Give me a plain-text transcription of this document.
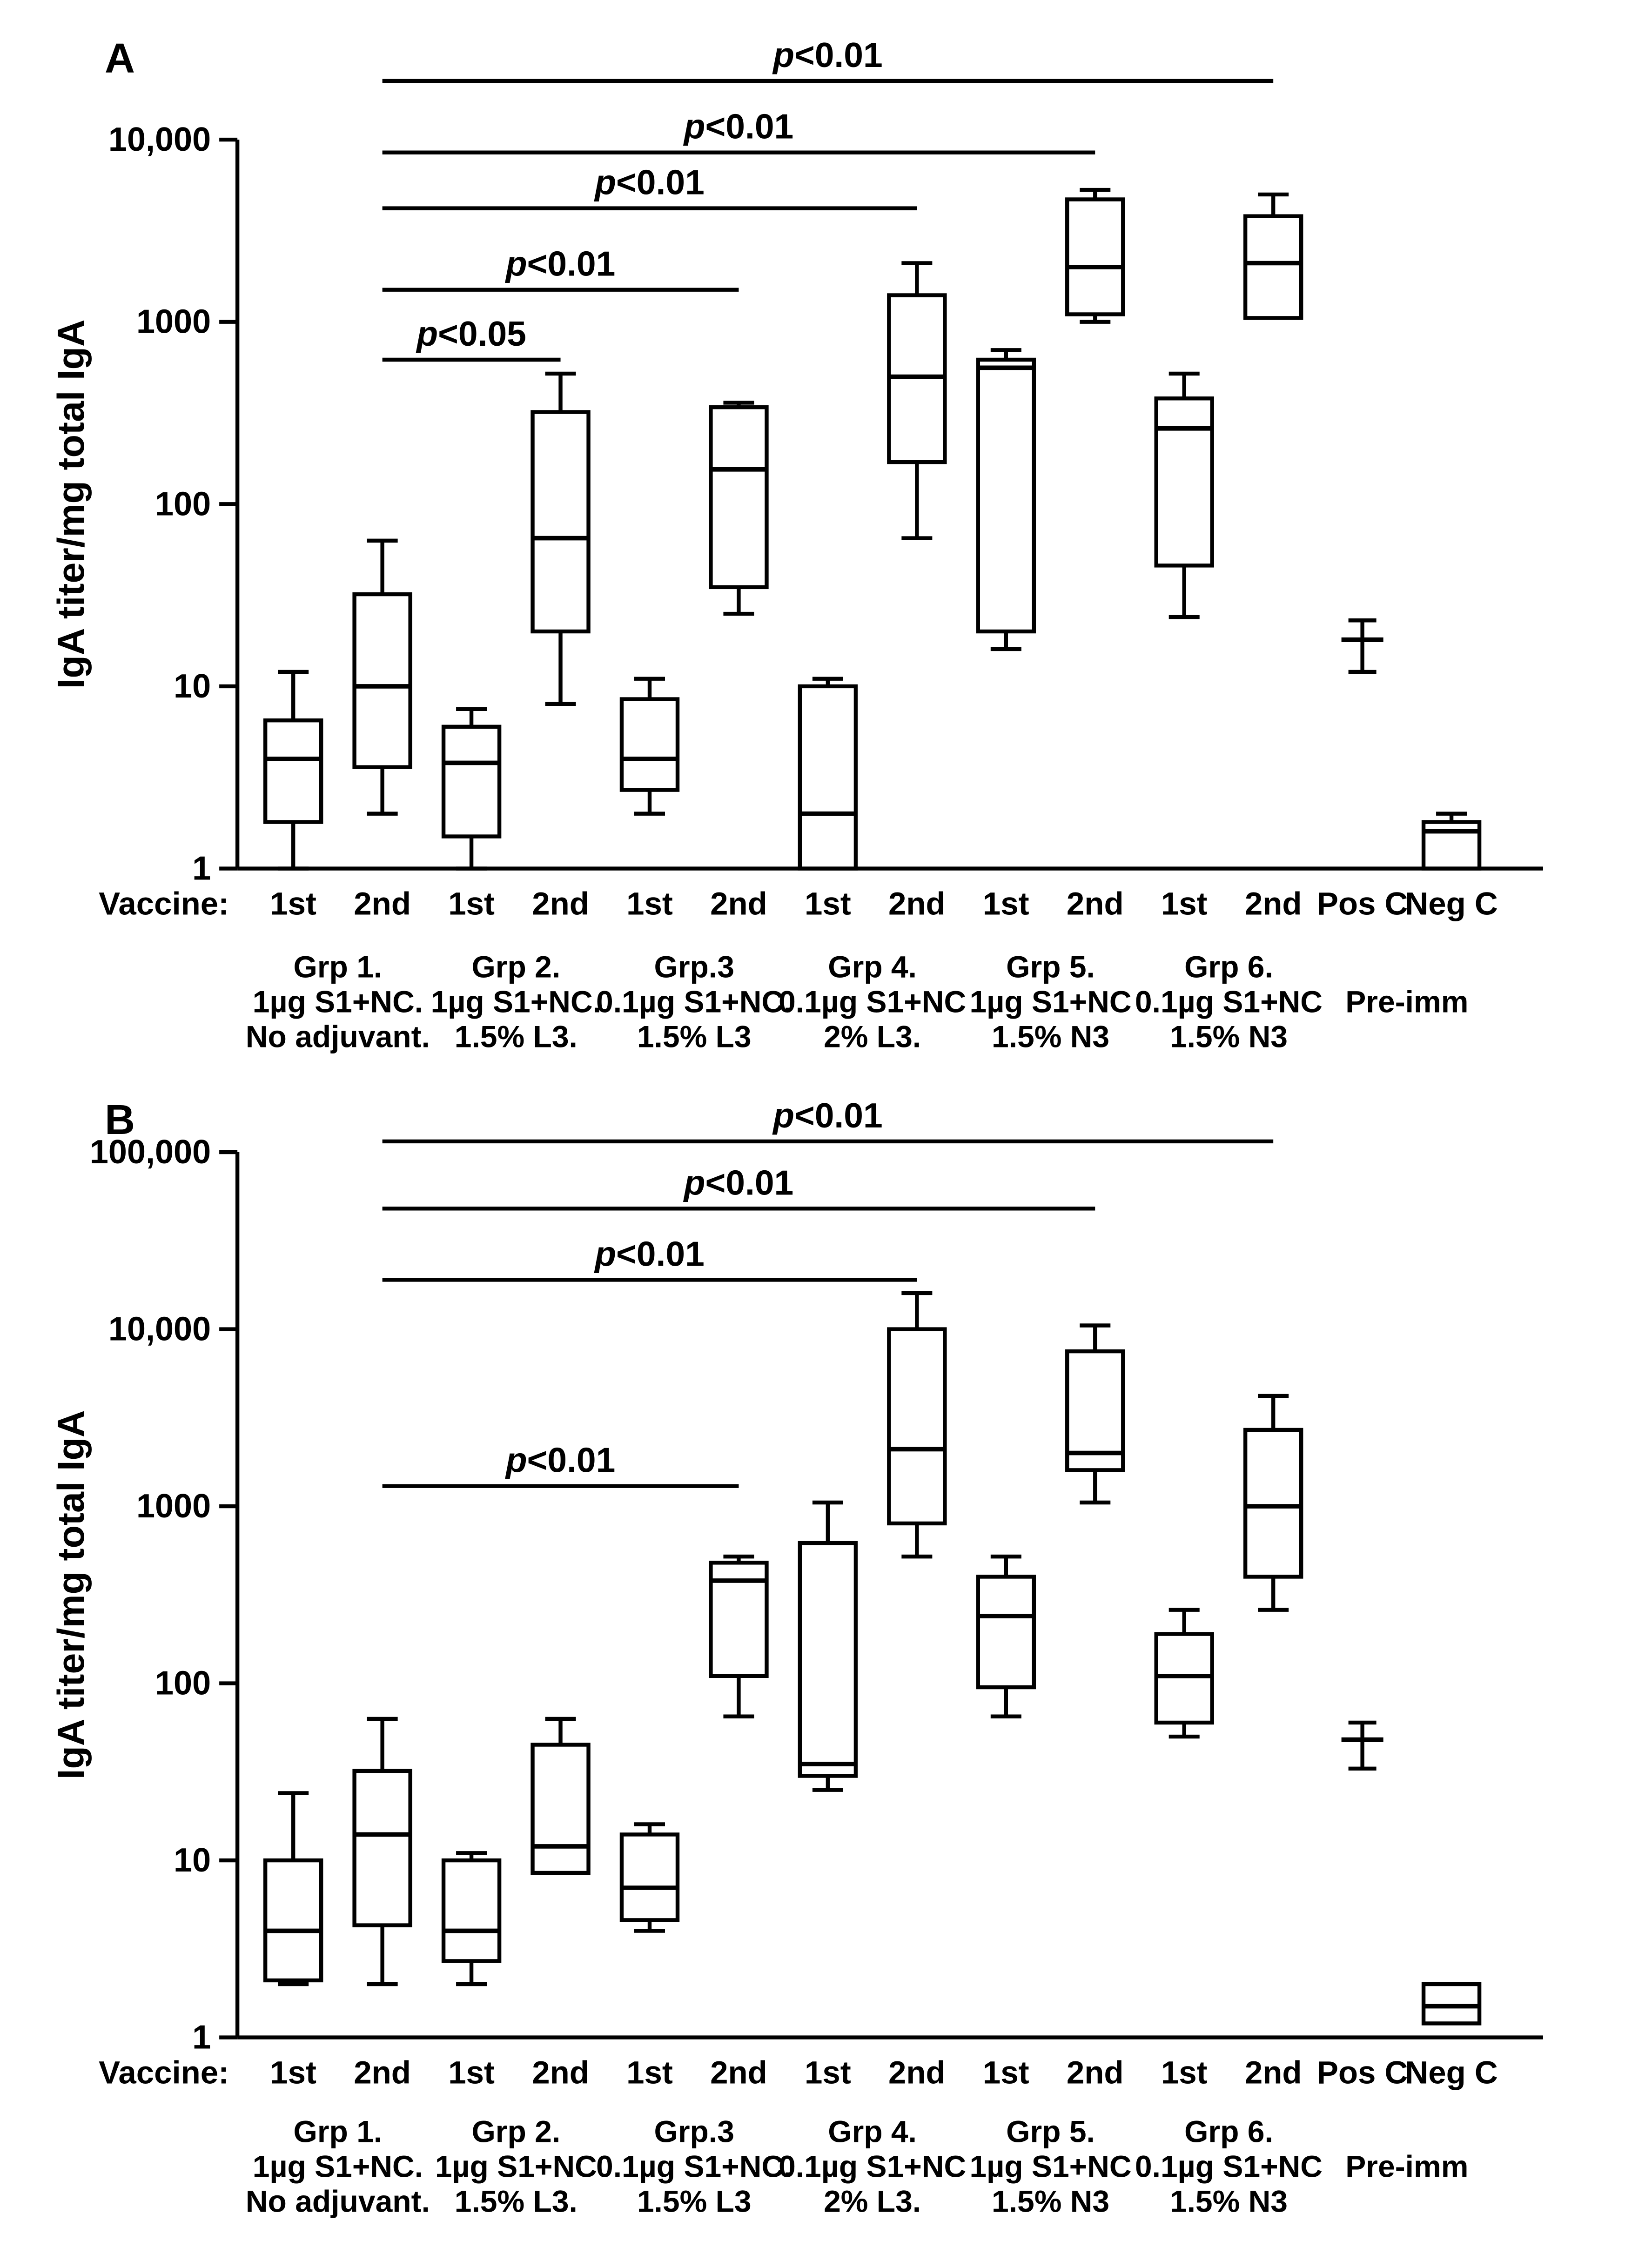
A
1
10
100
1000
10,000
IgA titer/mg total IgA	p<0.05
p<0.01
p<0.01
p<0.01
p<0.01
1st	2nd	1st	2nd	1st	2nd	1st	2nd	1st	2nd	1st	2nd Pos C
Neg C
Vaccine:
Grp 1.
1µg S1+NC.
No adjuvant.
Grp 2.
1µg S1+NC.
1.5% L3.
Grp.3
0.1µg S1+NC.
1.5% L3
Grp 4.
0.1µg S1+NC
2% L3.
Grp 5.
1µg S1+NC
1.5% N3
Grp 6.
0.1µg S1+NC
1.5% N3
Pre-imm
B
1
10
100
1000
10,000
100,000
IgA titer/mg total IgA	p<0.01
p<0.01
p<0.01
p<0.01
1st	2nd	1st	2nd	1st	2nd	1st	2nd	1st	2nd	1st	2nd Pos C
Neg C
Vaccine:
Grp 1.
1µg S1+NC.
No adjuvant.
Grp 2.
1µg S1+NC
1.5% L3.
Grp.3
0.1µg S1+NC.
1.5% L3
Grp 4.
0.1µg S1+NC
2% L3.
Grp 5.
1µg S1+NC
1.5% N3
Grp 6.
0.1µg S1+NC
1.5% N3
Pre-imm
